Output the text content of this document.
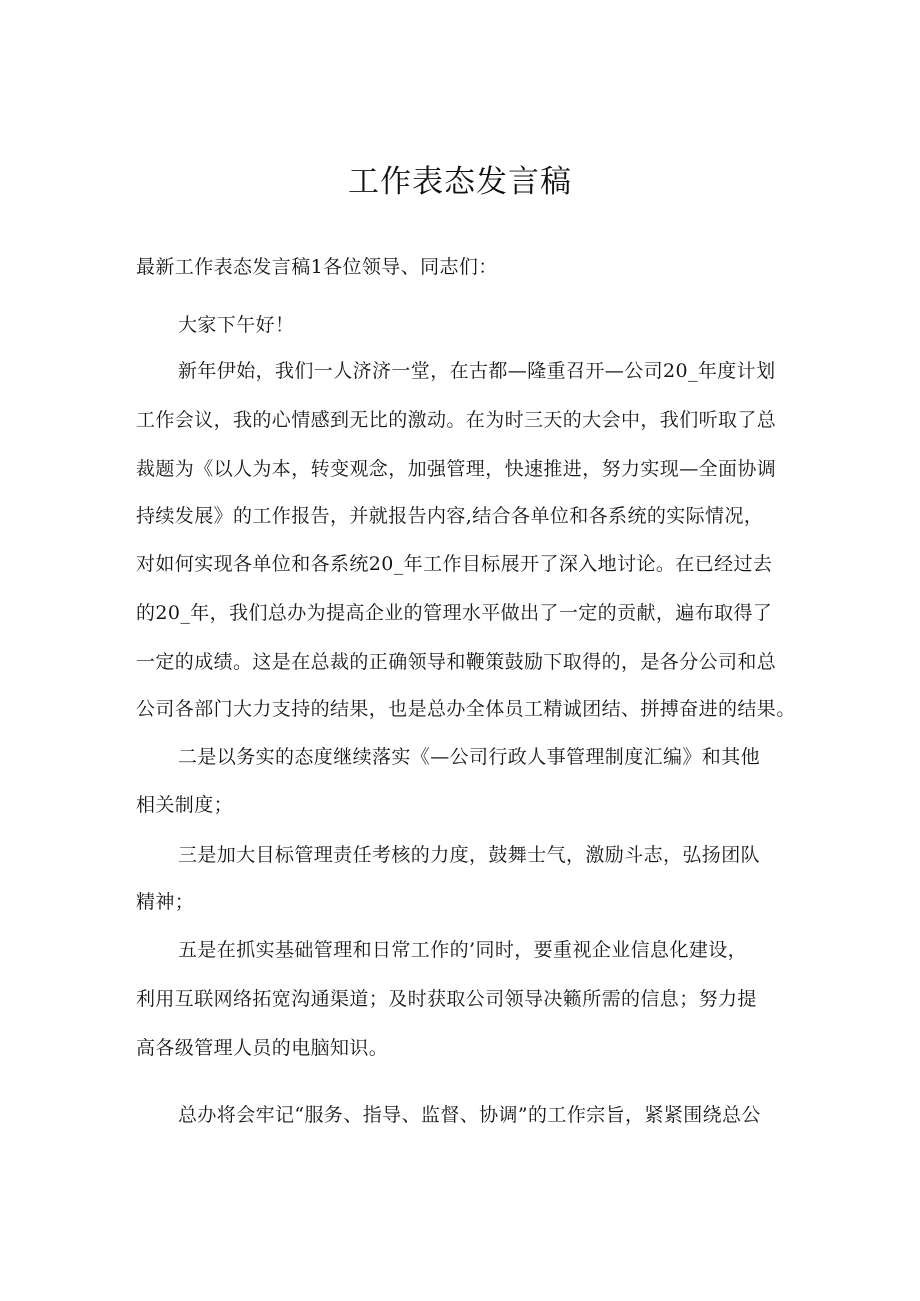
工作表态发言稿
最新工作表态发言稿1各位领导、同志们：
大家下午好！
新年伊始，我们一人济济一堂，在古都—隆重召开—公司20_年度计划
工作会议，我的心情感到无比的激动。在为时三天的大会中，我们听取了总
裁题为《以人为本，转变观念，加强管理，快速推进，努力实现—全面协调
持续发展》的工作报告，并就报告内容,结合各单位和各系统的实际情况，
对如何实现各单位和各系统20_年工作目标展开了深入地讨论。在已经过去
的20_年，我们总办为提高企业的管理水平做出了一定的贡献，遍布取得了
一定的成绩。这是在总裁的正确领导和鞭策鼓励下取得的，是各分公司和总
公司各部门大力支持的结果，也是总办全体员工精诚团结、拼搏奋进的结果。
二是以务实的态度继续落实《—公司行政人事管理制度汇编》和其他
相关制度；
三是加大目标管理责任考核的力度，鼓舞士气，激励斗志，弘扬团队
精神；
五是在抓实基础管理和日常工作的’同时，要重视企业信息化建设，
利用互联网络拓宽沟通渠道；及时获取公司领导决籁所需的信息；努力提
高各级管理人员的电脑知识。
总办将会牢记“服务、指导、监督、协调”的工作宗旨，紧紧围绕总公
